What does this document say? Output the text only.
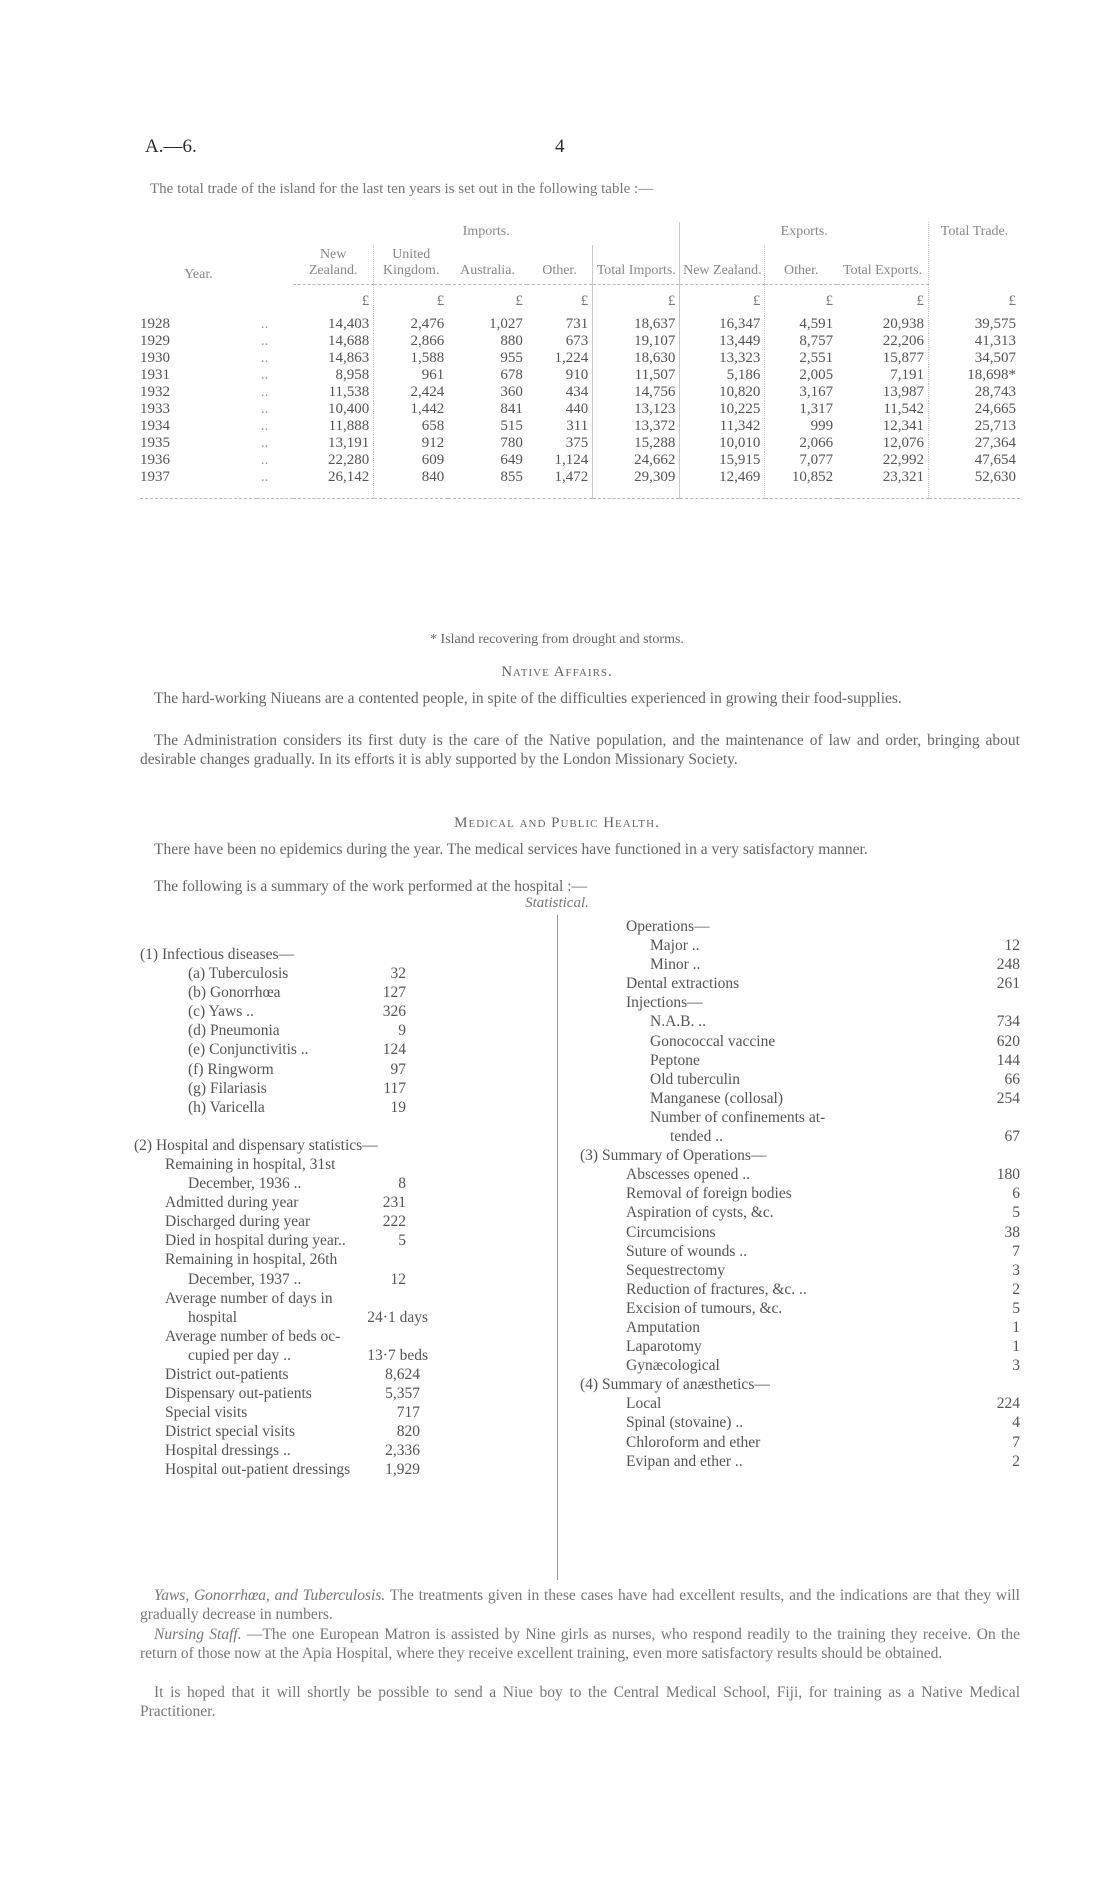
A.—6.	4

The total trade of the island for the last ten years is set out in the following table :—

Year.		Imports.					Exports.			Total Trade.
		New Zealand.	United Kingdom.	Australia.	Other.	Total Imports.	New Zealand.	Other.	Total Exports.	
		£	£	£	£	£	£	£	£	£
1928	..	14,403	2,476	1,027	731	18,637	16,347	4,591	20,938	39,575
1929	..	14,688	2,866	880	673	19,107	13,449	8,757	22,206	41,313
1930	..	14,863	1,588	955	1,224	18,630	13,323	2,551	15,877	34,507
1931	..	8,958	961	678	910	11,507	5,186	2,005	7,191	18,698*
1932	..	11,538	2,424	360	434	14,756	10,820	3,167	13,987	28,743
1933	..	10,400	1,442	841	440	13,123	10,225	1,317	11,542	24,665
1934	..	11,888	658	515	311	13,372	11,342	999	12,341	25,713
1935	..	13,191	912	780	375	15,288	10,010	2,066	12,076	27,364
1936	..	22,280	609	649	1,124	24,662	15,915	7,077	22,992	47,654
1937	..	26,142	840	855	1,472	29,309	12,469	10,852	23,321	52,630
* Island recovering from drought and storms.
Native Affairs.

The hard-working Niueans are a contented people, in spite of the difficulties experienced in growing their food-supplies.

The Administration considers its first duty is the care of the Native population, and the maintenance of law and order, bringing about desirable changes gradually. In its efforts it is ably supported by the London Missionary Society.

Medical and Public Health.

There have been no epidemics during the year. The medical services have functioned in a very satisfactory manner.

The following is a summary of the work performed at the hospital :—

Statistical.
(1) Infectious diseases—
(a) Tuberculosis	32
(b) Gonorrhœa	127
(c) Yaws ..	326
(d) Pneumonia	9
(e) Conjunctivitis ..	124
(f) Ringworm	97
(g) Filariasis	117
(h) Varicella	19
(2) Hospital and dispensary statistics—
Remaining in hospital, 31st
December, 1936 ..	8
Admitted during year	231
Discharged during year	222
Died in hospital during year..	5
Remaining in hospital, 26th
December, 1937 ..	12
Average number of days in
hospital	24·1 days
Average number of beds oc-
cupied per day ..	13·7 beds
District out-patients	8,624
Dispensary out-patients	5,357
Special visits	717
District special visits	820
Hospital dressings ..	2,336
Hospital out-patient dressings 1,929
Operations—
Major ..	12
Minor ..	248
Dental extractions	261
Injections—
N.A.B. ..	734
Gonococcal vaccine	620
Peptone	144
Old tuberculin	66
Manganese (collosal)	254
Number of confinements at-
tended ..	67
(3) Summary of Operations—
Abscesses opened ..	180
Removal of foreign bodies	6
Aspiration of cysts, &c.	5
Circumcisions	38
Suture of wounds ..	7
Sequestrectomy	3
Reduction of fractures, &c. ..	2
Excision of tumours, &c.	5
Amputation	1
Laparotomy	1
Gynæcological	3
(4) Summary of anæsthetics—
Local	224
Spinal (stovaine) ..	4
Chloroform and ether	7
Evipan and ether ..	2

Yaws, Gonorrhœa, and Tuberculosis. The treatments given in these cases have had excellent results, and the indications are that they will gradually decrease in numbers.

Nursing Staff. —The one European Matron is assisted by Nine girls as nurses, who respond readily to the training they receive. On the return of those now at the Apia Hospital, where they receive excellent training, even more satisfactory results should be obtained.

It is hoped that it will shortly be possible to send a Niue boy to the Central Medical School, Fiji, for training as a Native Medical Practitioner.
